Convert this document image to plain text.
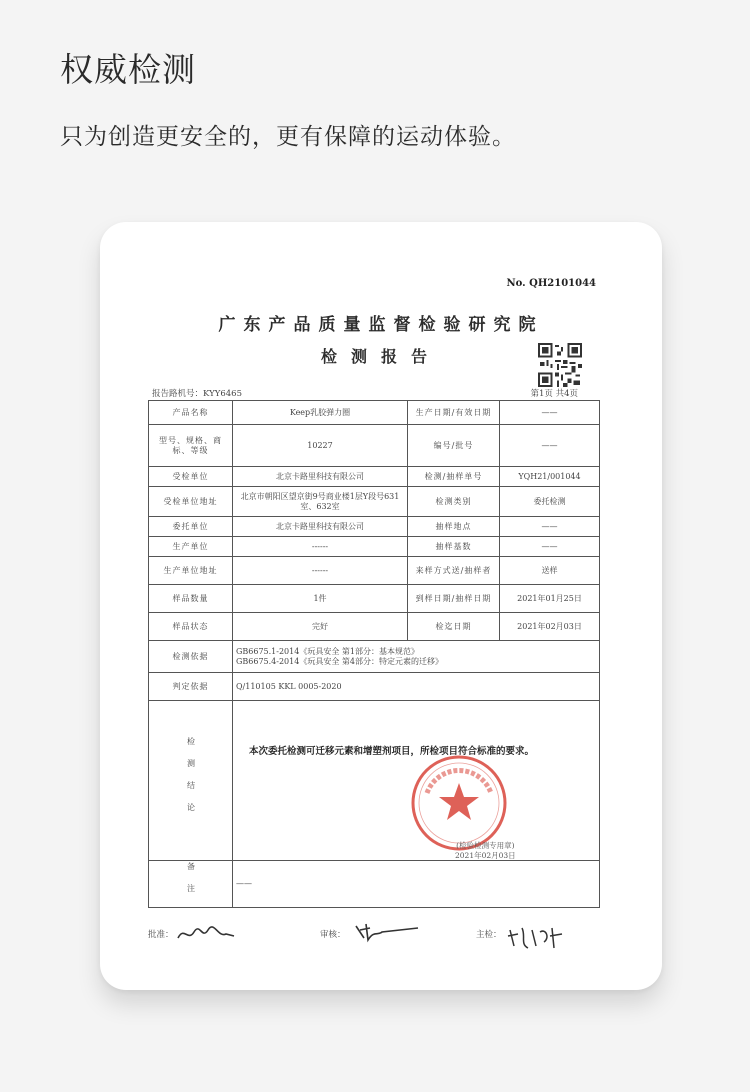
权威检测
只为创造更安全的，更有保障的运动体验。
No. QH2101044
广东产品质量监督检验研究院
检测报告
报告路机号：KYY6465	第1页 共4页
产品名称	Keep乳胶弹力圈	生产日期/有效日期	——
型号、规格、商标、等级	10227	编号/批号	——
受检单位	北京卡路里科技有限公司	检测/抽样单号	YQH21/001044
受检单位地址	北京市朝阳区望京街9号商业楼1层Y段号631室、632室	检测类别	委托检测
委托单位	北京卡路里科技有限公司	抽样地点	——
生产单位	------	抽样基数	——
生产单位地址	------	来样方式送/抽样者	送样
样品数量	1件	到样日期/抽样日期	2021年01月25日
样品状态	完好	检迄日期	2021年02月03日
检测依据	GB6675.1-2014《玩具安全 第1部分：基本规范》
GB6675.4-2014《玩具安全 第4部分：特定元素的迁移》		

判定依据	Q/110105 KKL 0005-2020		
检测结论	本次委托检测可迁移元素和增塑剂项目，所检项目符合标准的要求。
(检验检测专用章)
2021年02月03日		

备注	——		
批准：	审核：	主检：
